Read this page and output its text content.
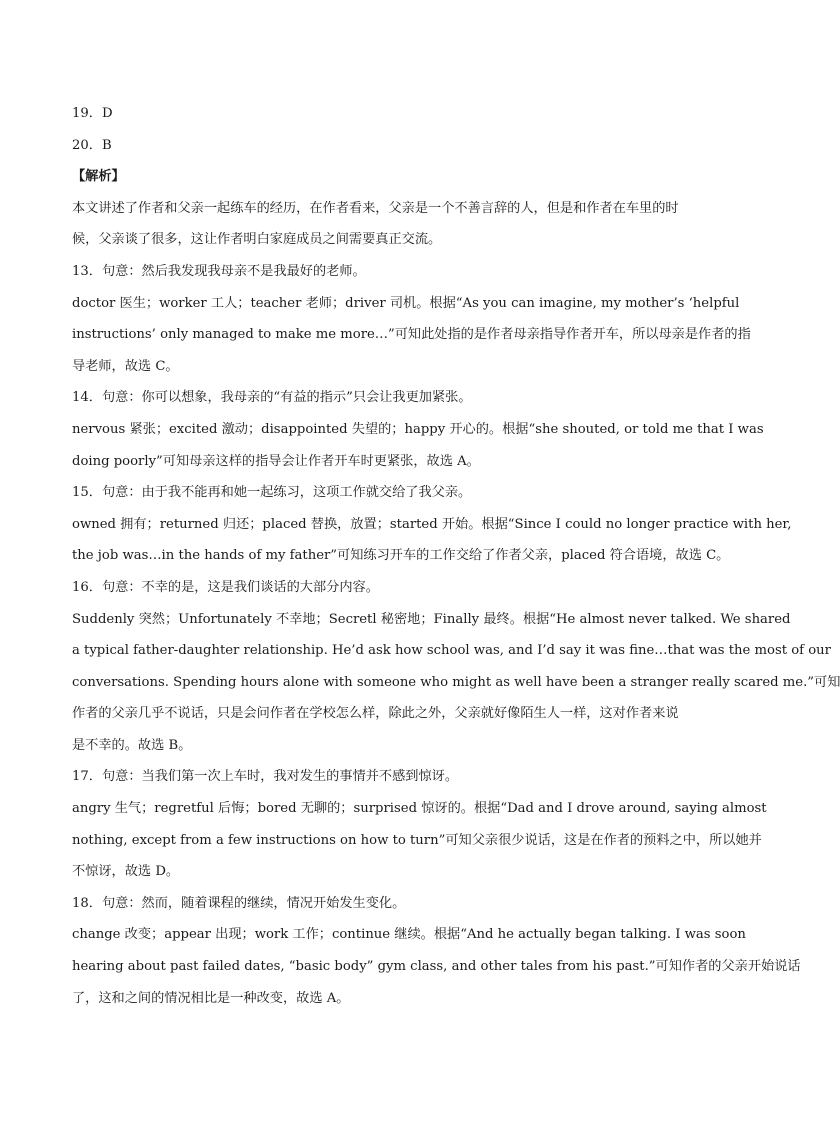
19．D
20．B
【解析】
本文讲述了作者和父亲一起练车的经历，在作者看来，父亲是一个不善言辞的人，但是和作者在车里的时
候，父亲谈了很多，这让作者明白家庭成员之间需要真正交流。
13．句意：然后我发现我母亲不是我最好的老师。
doctor 医生；worker 工人；teacher 老师；driver 司机。根据“As you can imagine, my mother’s ‘helpful
instructions’ only managed to make me more…”可知此处指的是作者母亲指导作者开车，所以母亲是作者的指
导老师，故选 C。
14．句意：你可以想象，我母亲的“有益的指示”只会让我更加紧张。
nervous 紧张；excited 激动；disappointed 失望的；happy 开心的。根据“she shouted, or told me that I was
doing poorly”可知母亲这样的指导会让作者开车时更紧张，故选 A。
15．句意：由于我不能再和她一起练习，这项工作就交给了我父亲。
owned 拥有；returned 归还；placed 替换，放置；started 开始。根据“Since I could no longer practice with her,
the job was…in the hands of my father”可知练习开车的工作交给了作者父亲，placed 符合语境，故选 C。
16．句意：不幸的是，这是我们谈话的大部分内容。
Suddenly 突然；Unfortunately 不幸地；Secretl 秘密地；Finally 最终。根据“He almost never talked. We shared
a typical father-daughter relationship. He’d ask how school was, and I’d say it was fine…that was the most of our
conversations. Spending hours alone with someone who might as well have been a stranger really scared me.”可知
作者的父亲几乎不说话，只是会问作者在学校怎么样，除此之外，父亲就好像陌生人一样，这对作者来说
是不幸的。故选 B。
17．句意：当我们第一次上车时，我对发生的事情并不感到惊讶。
angry 生气；regretful 后悔；bored 无聊的；surprised 惊讶的。根据“Dad and I drove around, saying almost
nothing, except from a few instructions on how to turn”可知父亲很少说话，这是在作者的预料之中，所以她并
不惊讶，故选 D。
18．句意：然而，随着课程的继续，情况开始发生变化。
change 改变；appear 出现；work 工作；continue 继续。根据“And he actually began talking. I was soon
hearing about past failed dates, “basic body” gym class, and other tales from his past.”可知作者的父亲开始说话
了，这和之间的情况相比是一种改变，故选 A。
